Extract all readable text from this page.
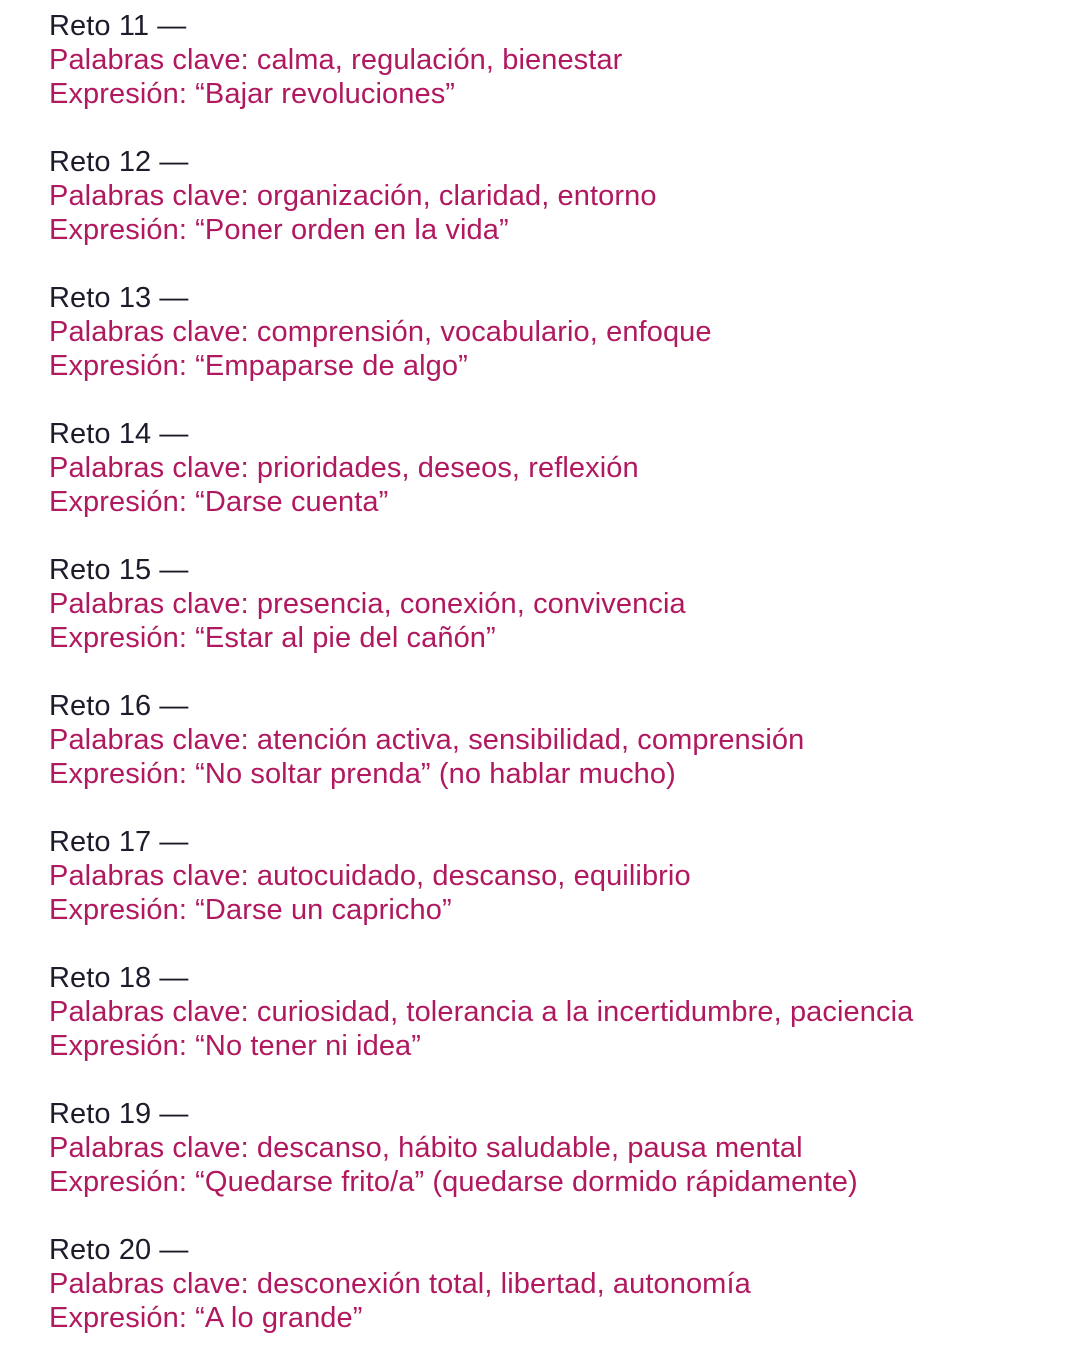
Reto 11 —
Palabras clave: calma, regulación, bienestar
Expresión: “Bajar revoluciones”
Reto 12 —
Palabras clave: organización, claridad, entorno
Expresión: “Poner orden en la vida”
Reto 13 —
Palabras clave: comprensión, vocabulario, enfoque
Expresión: “Empaparse de algo”
Reto 14 —
Palabras clave: prioridades, deseos, reflexión
Expresión: “Darse cuenta”
Reto 15 —
Palabras clave: presencia, conexión, convivencia
Expresión: “Estar al pie del cañón”
Reto 16 —
Palabras clave: atención activa, sensibilidad, comprensión
Expresión: “No soltar prenda” (no hablar mucho)
Reto 17 —
Palabras clave: autocuidado, descanso, equilibrio
Expresión: “Darse un capricho”
Reto 18 —
Palabras clave: curiosidad, tolerancia a la incertidumbre, paciencia
Expresión: “No tener ni idea”
Reto 19 —
Palabras clave: descanso, hábito saludable, pausa mental
Expresión: “Quedarse frito/a” (quedarse dormido rápidamente)
Reto 20 —
Palabras clave: desconexión total, libertad, autonomía
Expresión: “A lo grande”
